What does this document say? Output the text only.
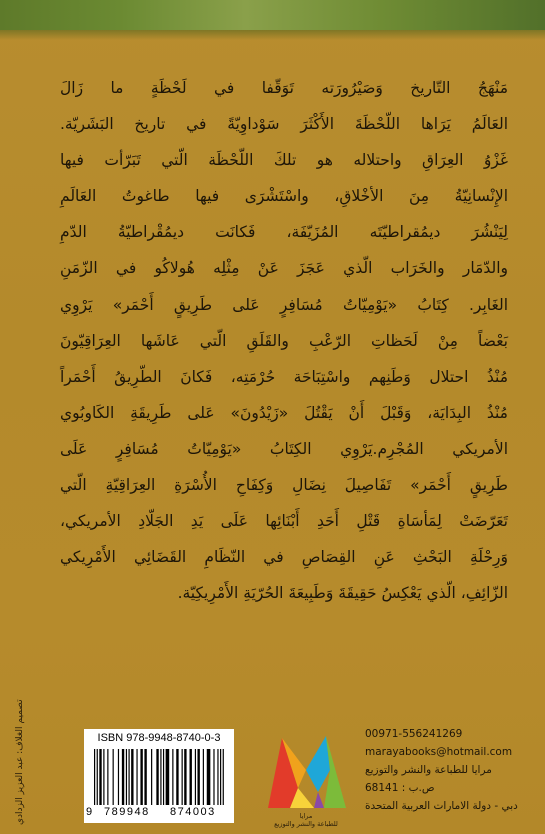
مَنْهَجُ التّاريخ وَصَيْرُورَته تَوَقّفا في لَحْظَةٍ ما زَالَ
العَالَمُ يَرَاها اللّحْظَةَ الأَكْثَرَ سَوْداوِيّةً في تاريخ البَشَريّة.
غَزْوُ العِرَاقِ واحتلاله هو تلكَ اللّحْظَة الّتي تَبَرّأت فيها
الإِنْسانِيّةُ مِنَ الأخْلاقِ، واسْتَشْرَى فيها طاغوتُ العَالَمِ
لِيَنْشُرَ ديمُقراطيّتَه المُزَيّفَة، فَكانَت ديمُقْراطيّةُ الدّمِ
والدّمَار والخَرَاب الّذي عَجَزَ عَنْ مِثْلِه هُولاكُو في الزّمَنِ
الغَابِر. كِتَابُ «يَوْمِيّاتُ مُسَافِرٍ عَلى طَرِيقٍ أَحْمَر» يَرْوِي
بَعْضاً مِنْ لَحَظاتِ الرّعْبِ والقَلَقِ الّتي عَاشَها العِرَاقِيّونَ
مُنْذُ احتلال وَطَنِهم واسْتِبَاحَة حُرْمَتِه، فَكانَ الطّرِيقُ أَحْمَراً
مُنْذُ البِدَايَة، وَقَبْلَ أَنْ يَقْتُلَ «زَيْدُونَ» عَلى طَرِيقَةِ الكَاوبُوي
الأمريكي المُجْرِم.يَرْوِي الكِتَابُ «يَوْمِيّاتُ مُسَافِرٍ عَلَى
طَرِيقٍ أَحْمَر» تَفَاصِيلَ نِضَالِ وَكِفَاحِ الأُسْرَةِ العِرَاقِيّةِ الّتي
تَعَرّضَتْ لِمَأسَاةِ قَتْلِ أَحَدِ أَبْنَائِها عَلَى يَدِ الجَلّادِ الأمريكي،
وَرِحْلَةِ البَحْثِ عَنِ القِصَاصِ في النّظَامِ القَضَائِي الأَمْرِيكي
الزّائِفِ، الّذي يَعْكِسُ حَقِيقَةَ وَطَبِيعَةَ الحُرّيَةِ الأَمْرِيكِيّة.
تصميم الغلاف: عبد العزيز الزدادي	ISBN 978-9948-8740-0-3
9 789948 874003	مرايا
للطباعة والنشر والتوزيع
00971-556241269
marayabooks@hotmail.com
مرايا للطباعة والنشر والتوزيع
ص.ب : 68141
دبي - دولة الامارات العربية المتحدة
